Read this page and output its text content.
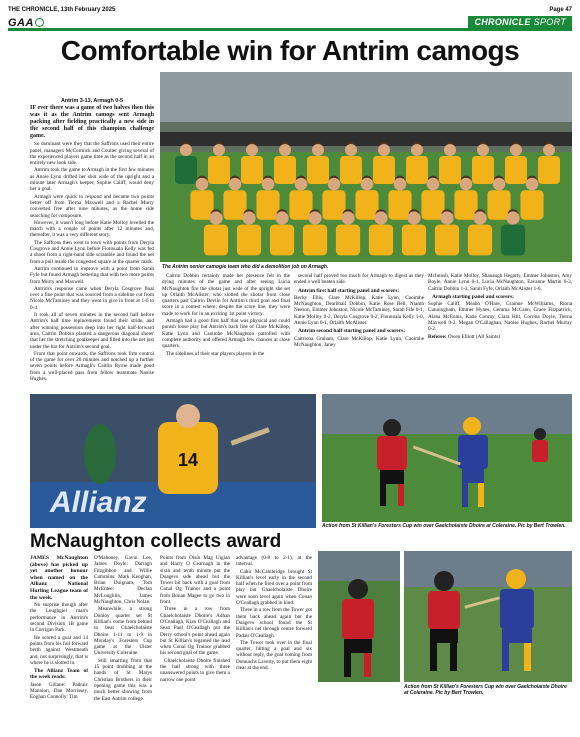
THE CHRONICLE, 13th February 2025	Page 47
GAA	CHRONICLE SPORT
Comfortable win for Antrim camogs
The Antrim senior camogie team who did a demolition job on Armagh.

Antrim 3-13, Armagh 0-5

IF ever there was a game of two halves then this was it as the Antrim camogs sent Armagh packing after fielding practically a new side in the second half of this champion challenge game.

So dominant were they that the Saffrons used their entire panel, managers McCormick and Coulter giving several of the experienced players game time as the second half in an entirely new look side.

Antrim took the game to Armagh in the first few minutes as Annie Lynn drifted her shot wide of the upright and a minute later Armagh's keeper, Sophie Califf, would deny her a goal.

Armagh were quick to respond and became two points better off from Tierna Maxwell and a Rachel Murry converted free after nine minutes, as the home side searching for composure.

However, it wasn't long before Katie Molloy levelled the match with a couple of points after 12 minutes and, thereafter, it was a very different story.

The Saffrons then went to town with points from Deryla Cosgrove and Annie Lynn before Fionnuala Kelly was fed a shoot from a right-hand side scramble and found the net from a pull inside the congested square at the quarter mark.

Antrim continued to improve with a point from Sarah Fyfe but found Armagh bettering that with two more points from Murry and Maxwell.

Antrim's response came when Deryla Cosgrove float over a fine point that was sourced from a sideline cut from Nicole McTaminey and they went in give in front at 1-6 to 0-4.

It took all of seven minutes in the second half before Antrim's half time replacements found their stride, and after winning possession deep into her right half-forward area, Caitrin Dobbin planted a dangerous diagonal shoter that her the stretching goalkeeper and filled into the net just under the bar for Antrim's second goal.

From that point onwards, the Saffrons took firm control of the game for over 20 minutes and notched up a further seven points before Armagh's Caitlin Byrne made good from a well-placed pass from fellow teammate Naoise Hughes.

Caitrin Dobbin certainly made her presence felt in the dying minutes of the game and after seeing Lucia McNaughton fire the sliotar just wide of the upright she set up Orlaith McAlister, who slotted the sliotar from close quarters past Caitrin Devlin for Antrim's third goal and final score in a contest where, despite the score line, they were made to work for in an exciting 1st point victory.

Armagh had a good first half that was physical and could punish loose play but Antrim's back line of Clare McKillop, Katie Lynn and Caoimhe McNaughton patrolled with complete authority and offered Armagh few chances at close quarters.

The sidelines of their star players players in the

second half proved too much for Armagh to digest as they ended a well beaten side.

Antrim first half starting panel and scorers:

Becky Ellis, Clare McKillop, Katie Lynn, Caoimhe McNaughton, Dearbhail Dobbin, Katie Rose Bell, Niamh Neeson, Emmer Johnston, Nicole McTaminey, Sarah Fife 0-1, Katie Molloy 0-2, Deryla Cosgrove 0-2, Fionnuala Kelly 1-0, Annie Lynn 0-1, Orlaith McAlister.

Antrim second half starting panel and scorers:

Caitriona Graham, Clare McKillop, Katie Lynn, Caoimhe McNaughton, Janey

McIntosh, Katie Molloy, Shanaugh Hegarty, Emmer Johnston, Amy Boyle, Annie Lynn 0-1, Lucia McNaughton, Eavanne Martin 0-3, Caitrin Dobbin 1-3, Sarah Fyfe, Orlaith McAlister 1-0.

Armagh starting panel and scorers:

Sophie Califf, Méabh O'Hare, Grainne McWilliams, Ríona Cunningham, Emmer Hynes, Gemma McCann, Grace Fitzpatrick, Alana McEnnis, Katie Conroy, Ciara Hill, Corrina Doyle, Tierna Maxwell 0-2, Megan O'Callaghan, Naoise Hughes, Rachel Murray 0-2.

Referee: Owen Elliott (All Saints)

Allianz
14
Action from St Killian's Foresters Cup win over Gaelcholaiste Dhoire at Coleraine. Pic by Bert Trowlen.
Action from St Killian's Foresters Cup win over Gaelcholaiste Dhoire at Coleraine. Pic by Bert Trowlen.
McNaughton collects award

JAMES McNaughton (above) has picked up yet another honour when named on the Allianz National Hurling League team of the week.

No surprise though after the Loughgiel man's performance in Antrim's second Division 1B game in Corrigan Park.

He scored a goal and 14 points from his full forward berth against Westmeath and, not surprisingly, that is where he is slotted in.

The Allianz Team of the week reads:

Jason Gillane: Padraic Mannion, Dan Morrissey, Eoghan Connolly: Tim

O'Mahoney, Gavin Lee, James Doyle: Darragh Fitzgibbon and Willie Cummins: Mark Keoghan, Brian Duignam, Tom McEntee: Declan McLoughlin, James McNaughton, Chris Nolan.

Meanwhile, a strong Dunloy quarter set St Killian's come from behind to beat Ghaelcholaiste Dhoire 1-11 to 1-9 in Monday's Foresters Cup game at the Ulster University Coleraine.

Still smarting from that 15 point drubbing at the hands of St Marys Christian Brothers in their opening game this was a much better showing from the East Antrim college.

Points from Oisín Mag Uigian and Harry O Cearnagh in the sixth and tenth minute put the Doagevs side ahead but the Tower hit back with a goal from Conal Og Trainor and a point from Ronan Magee to go two in front.

Three in a row from Ghaelcholaiste Dhoire's Adhan O'Ceallagh, Kian O'Ceallagh and Sean Paul O'Ceallagh put the Derry school's point ahead again but St Killian's regained the lead when Conal Og Trainor grabbed his second goal of the game.

Ghaelcholaiste Dhoire finished the half strong with three unanswered points to give them a narrow one point

advantage (0-8 to 2-1), at the interval.

Cahir McCambridge brought St Killian's level early in the second half when he fired over a point from play but Ghaelcholaiste Dhoire were soon level again when Conan O'Ceallagh grabbed in kind.

Three in a row from the Tower got them back ahead again but the Doagevs school found the St Killian's net through centre forward Padair O'Ceallagh.

The Tower took over in the final quarter, hitting a goal and six without reply, the goal coming from Donnachs Laverty, to put them eight clear at the end.
